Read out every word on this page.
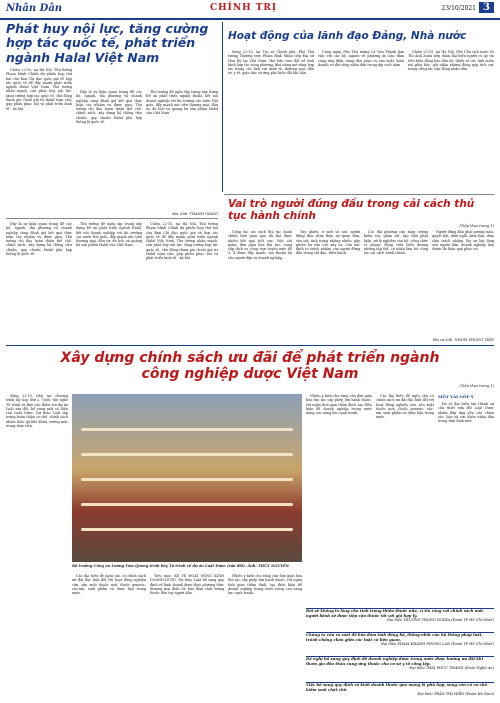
Nhân Dân	CHÍNH TRỊ	23/10/2021 3
Phát huy nội lực, tăng cường hợp tác quốc tế, phát triển ngành Halal Việt Nam

Chiều 22-10, tại Hà Nội, Thủ tướng Phạm Minh Chính dự phiên họp thứ hai của Ban Chỉ đạo quốc gia về hợp tác quốc tế để đẩy mạnh phát triển ngành Halal Việt Nam. Thủ tướng nhấn mạnh, cần phát huy nội lực, tăng cường hợp tác quốc tế, chủ động tham gia chuỗi giá trị Halal toàn cầu, góp phần phục hồi và phát triển kinh tế - xã hội.

Đây là sự kiện quan trọng để các bộ, ngành, địa phương và doanh nghiệp cùng đánh giá kết quả thực hiện các nhiệm vụ được giao. Thủ tướng chỉ đạo hoàn thiện thể chế, chính sách, xây dựng hệ thống tiêu chuẩn, quy chuẩn Halal phù hợp thông lệ quốc tế.

Thủ tướng đề nghị tập trung xây dựng Đề án phát triển ngành Halal, kết nối doanh nghiệp với thị trường các nước Hồi giáo, đẩy mạnh xúc tiến thương mại, đầu tư, du lịch và quảng bá sản phẩm Halal của Việt Nam.

Bài, ảnh: THANH GIANG
Hoạt động của lãnh đạo Đảng, Nhà nước

Sáng 22-10, tại Trụ sở Chính phủ, Phó Thủ tướng Thường trực Phạm Bình Minh tiếp Đại sứ Hoa Kỳ tại Việt Nam. Hai bên trao đổi về tình hình hợp tác song phương, khả năng mở rộng hợp tác trong các lĩnh vực kinh tế, thương mại, đầu tư, y tế, giáo dục và ứng phó biến đổi khí hậu.

Cùng ngày, Phó Thủ tướng Lê Văn Thành làm việc với các bộ, ngành về phương án bảo đảm cung ứng điện, xăng dầu phục vụ sản xuất, kinh doanh và đời sống nhân dân trong dịp cuối năm.

Chiều 22-10, tại Hà Nội, Phó Chủ tịch nước Võ Thị Ánh Xuân tiếp đoàn đại biểu người có uy tín tiêu biểu đồng bào dân tộc thiểu số các tỉnh miền núi phía bắc, ghi nhận những đóng góp tích cực trong công tác vận động nhân dân.

Vai trò người đứng đầu trong cải cách thủ tục hành chính
(Tiếp theo trang 1)

Công tác cải cách thủ tục hành chính thời gian qua đã đạt được nhiều kết quả tích cực. Việc cắt giảm, đơn giản hóa thủ tục, cung cấp dịch vụ công trực tuyến mức độ 3, 4 được đẩy mạnh, tạo thuận lợi cho người dân và doanh nghiệp.

Tuy nhiên, ở một số nơi, người đứng đầu chưa thực sự quan tâm, sâu sát; tình trạng nhũng nhiễu, gây phiền hà vẫn còn xảy ra. Cần xác định rõ trách nhiệm của người đứng đầu trong chỉ đạo, điều hành.

Các địa phương cần tăng cường kiểm tra, giám sát, kịp thời phát hiện, xử lý nghiêm cán bộ, công chức vi phạm, đồng thời biểu dương những tập thể, cá nhân làm tốt công tác cải cách hành chính.

Người đứng đầu phải gương mẫu, quyết liệt, dám nghĩ, dám làm, dám chịu trách nhiệm, lấy sự hài lòng của người dân, doanh nghiệp làm thước đo hiệu quả phục vụ.

Bài và ảnh: NHÓM PHÓNG VIÊN

Đây là sự kiện quan trọng để các bộ, ngành, địa phương và doanh nghiệp cùng đánh giá kết quả thực hiện các nhiệm vụ được giao. Thủ tướng chỉ đạo hoàn thiện thể chế, chính sách, xây dựng hệ thống tiêu chuẩn, quy chuẩn Halal phù hợp thông lệ quốc tế.

Thủ tướng đề nghị tập trung xây dựng Đề án phát triển ngành Halal, kết nối doanh nghiệp với thị trường các nước Hồi giáo, đẩy mạnh xúc tiến thương mại, đầu tư, du lịch và quảng bá sản phẩm Halal của Việt Nam.

Chiều 22-10, tại Hà Nội, Thủ tướng Phạm Minh Chính dự phiên họp thứ hai của Ban Chỉ đạo quốc gia về hợp tác quốc tế để đẩy mạnh phát triển ngành Halal Việt Nam. Thủ tướng nhấn mạnh, cần phát huy nội lực, tăng cường hợp tác quốc tế, chủ động tham gia chuỗi giá trị Halal toàn cầu, góp phần phục hồi và phát triển kinh tế - xã hội.

Xây dựng chính sách ưu đãi để phát triển ngành công nghiệp dược Việt Nam
(Tiếp theo trang 1)

Sáng 22-10, tiếp tục chương trình Kỳ họp thứ 2, Quốc hội nghe Tờ trình và Báo cáo thẩm tra dự án Luật sửa đổi, bổ sung một số điều của Luật Dược. Dự thảo Luật tập trung hoàn thiện cơ chế, chính sách nhằm tháo gỡ khó khăn, vướng mắc trong thực tiễn.

Bộ trưởng Công an Lương Tam Quang trình bày Tờ trình về dự án Luật Dược (sửa đổi). Ảnh: THỦY NGUYÊN

Các đại biểu đề nghị cần có chính sách ưu đãi đặc biệt đối với hoạt động nghiên cứu, sản xuất thuốc mới, thuốc generic, vắc-xin, sinh phẩm và dược liệu trong nước.

Tiểu mục: KẾ VỀ HOẠT ĐỘNG KINH DOANH DƯỢC. Dự thảo Luật bổ sung quy định về kinh doanh dược theo phương thức thương mại điện tử, bảo đảm chất lượng thuốc đến tay người dân.

Nhiều ý kiến cho rằng cần đơn giản hóa thủ tục cấp phép lưu hành thuốc, rút ngắn thời gian thẩm định, tạo điều kiện để doanh nghiệp trong nước nâng cao năng lực cạnh tranh.

Nhiều ý kiến cho rằng cần đơn giản hóa thủ tục cấp phép lưu hành thuốc, rút ngắn thời gian thẩm định, tạo điều kiện để doanh nghiệp trong nước nâng cao năng lực cạnh tranh.

Các đại biểu đề nghị cần có chính sách ưu đãi đặc biệt đối với hoạt động nghiên cứu, sản xuất thuốc mới, thuốc generic, vắc-xin, sinh phẩm và dược liệu trong nước.

MỘT VÀI GÓP Ý

Đa số đại biểu tán thành sự cần thiết sửa đổi Luật Dược nhằm đáp ứng yêu cầu chăm sóc, bảo vệ sức khỏe nhân dân trong tình hình mới.

Bởi sẽ không lo lắng cho tình trạng thiếu thuốc nữa, vì tin rằng với chính sách mới, người bệnh sẽ được tiếp cận thuốc tốt với giá hợp lý.
Đại biểu TRƯƠNG TRỌNG NGHĨA (Đoàn TP Hồ Chí Minh)
Chúng ta cần rà soát để bảo đảm tính đồng bộ, thống nhất của hệ thống pháp luật, tránh chồng chéo giữa các luật có liên quan.
Đại biểu PHẠM KHÁNH PHONG LAN (Đoàn TP Hồ Chí Minh)
Đề nghị bổ sung quy định để doanh nghiệp dược trong nước được hưởng ưu đãi khi tham gia đấu thầu cung ứng thuốc cho cơ sở y tế công lập.
Đại biểu THÁI PHÚC THÀNH (Đoàn Nghệ An)
Việc bổ sung quy định về kinh doanh thuốc qua mạng là phù hợp, song cần có cơ chế kiểm soát chặt chẽ.
Đại biểu TRẦN THỊ HIỀN (Đoàn Hà Nam)
